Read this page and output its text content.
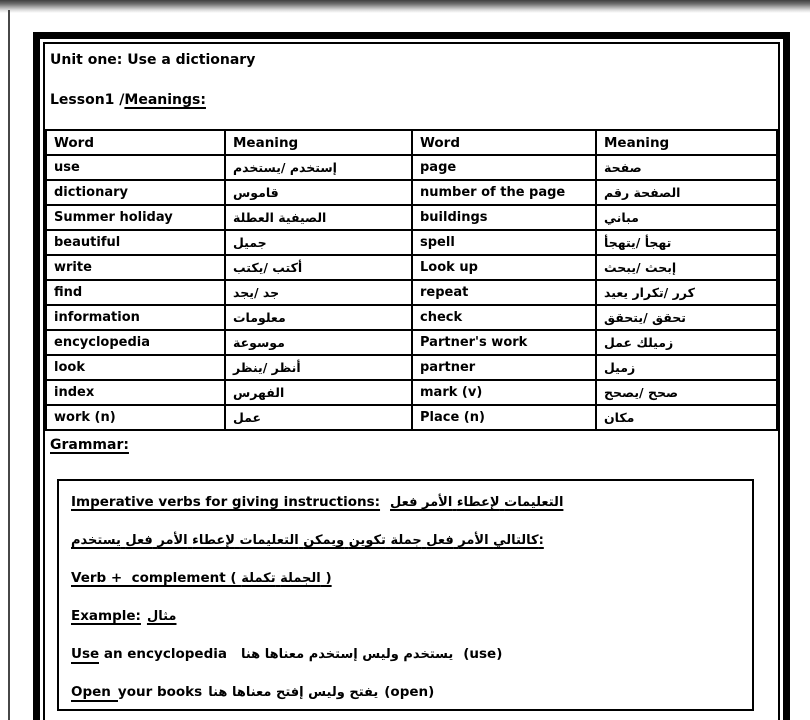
Unit one: Use a dictionary
Lesson1 /Meanings:
Word	Meaning	Word	Meaning
use	يستخدم/ إستخدم	page	صفحة
dictionary	قاموس	number of the page	رقم الصفحة
Summer holiday	العطلة الصيفية	buildings	مباني
beautiful	جميل	spell	يتهجأ/ تهجأ
write	يكتب/ أكتب	Look up	يبحث/ إبحث
find	يجد/ جد	repeat	يعيد تكرار/ كرر
information	معلومات	check	يتحقق/ تحقق
encyclopedia	موسوعة	Partner's work	عمل زميلك
look	ينظر/ أنظر	partner	زميل
index	الفهرس	mark (v)	يصحح/ صحح
work (n)	عمل	Place (n)	مكان
Grammar:

Imperative verbs for giving instructions: فعل الأمر لإعطاء التعليمات

يستخدم فعل الأمر لإعطاء التعليمات ويمكن تكوين جملة فعل الأمر كالتالي:

Verb +  complement ( تكملة الجملة )

Example: مثال

Use an encyclopedia هنا معناها إستخدم وليس يستخدم (use)

Open your books هنا معناها إفتح وليس يفتح (open)
